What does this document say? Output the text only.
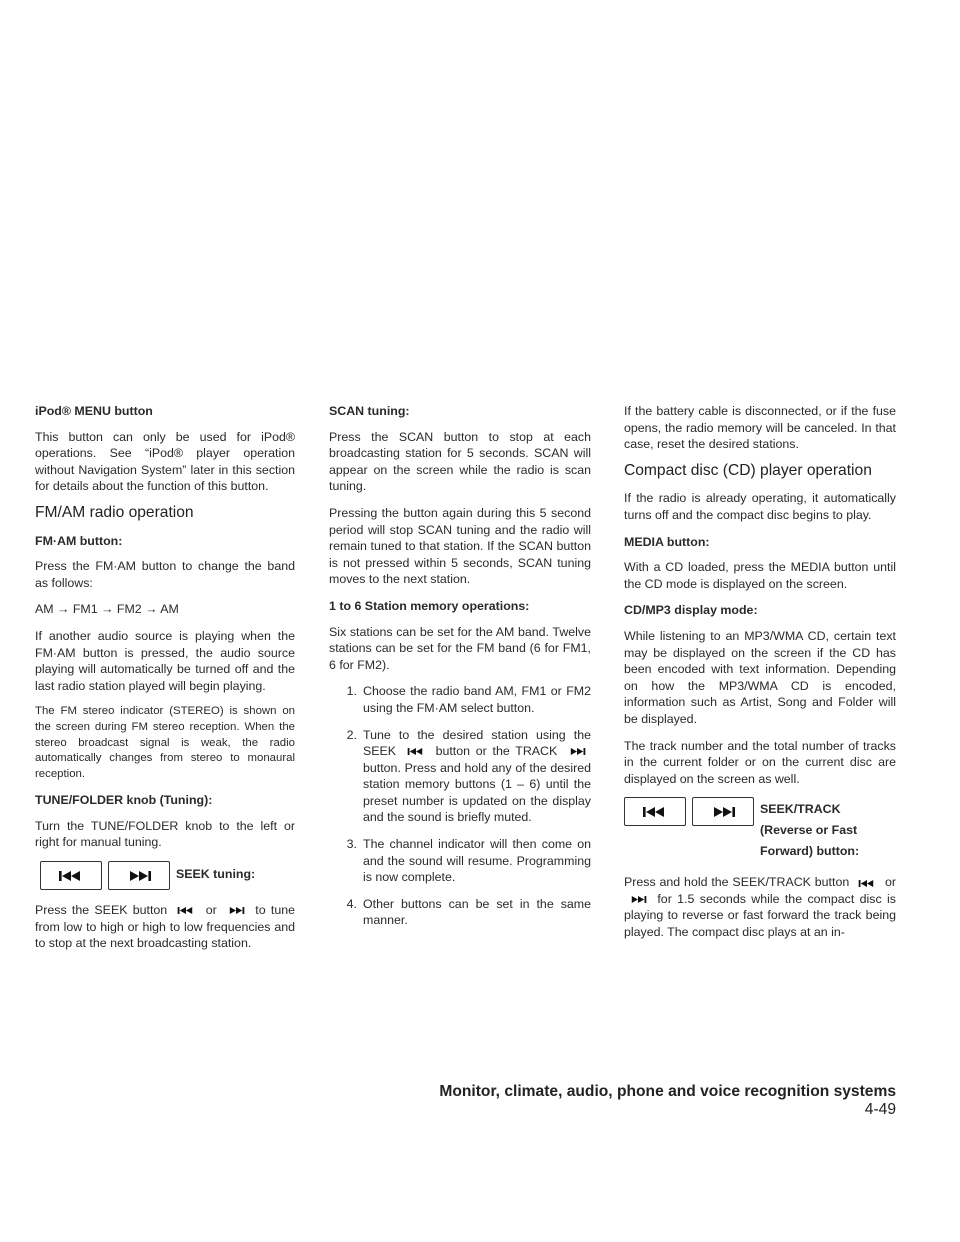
iPod® MENU button

This button can only be used for iPod® operations. See “iPod® player operation without Navigation System” later in this section for details about the function of this button.

FM/AM radio operation

FM·AM button:

Press the FM·AM button to change the band as follows:

AM → FM1 → FM2 → AM

If another audio source is playing when the FM·AM button is pressed, the audio source playing will automatically be turned off and the last radio station played will begin playing.

The FM stereo indicator (STEREO) is shown on the screen during FM stereo reception. When the stereo broadcast signal is weak, the radio automatically changes from stereo to monaural reception.

TUNE/FOLDER knob (Tuning):

Turn the TUNE/FOLDER knob to the left or right for manual tuning.

SEEK tuning:

Press the SEEK button	or	to tune from low to high or high to low frequencies and to stop at the next broadcasting station.

SCAN tuning:

Press the SCAN button to stop at each broadcasting station for 5 seconds. SCAN will appear on the screen while the radio is scan tuning.

Pressing the button again during this 5 second period will stop SCAN tuning and the radio will remain tuned to that station. If the SCAN button is not pressed within 5 seconds, SCAN tuning moves to the next station.

1 to 6 Station memory operations:

Six stations can be set for the AM band. Twelve stations can be set for the FM band (6 for FM1, 6 for FM2).

1. Choose the radio band AM, FM1 or FM2 using the FM·AM select button.
2. Tune to the desired station using the SEEK	button or the TRACK  button. Press and hold any of the desired station memory buttons (1 – 6) until the preset number is updated on the display and the sound is briefly muted.
3. The channel indicator will then come on and the sound will resume. Programming is now complete.
4. Other buttons can be set in the same manner.

If the battery cable is disconnected, or if the fuse opens, the radio memory will be canceled. In that case, reset the desired stations.

Compact disc (CD) player operation

If the radio is already operating, it automatically turns off and the compact disc begins to play.

MEDIA button:

With a CD loaded, press the MEDIA button until the CD mode is displayed on the screen.

CD/MP3 display mode:

While listening to an MP3/WMA CD, certain text may be displayed on the screen if the CD has been encoded with text information. Depending on how the MP3/WMA CD is encoded, information such as Artist, Song and Folder will be displayed.

The track number and the total number of tracks in the current folder or on the current disc are displayed on the screen as well.

SEEK/TRACK (Reverse or Fast Forward) button:

Press and hold the SEEK/TRACK button	or  for 1.5 seconds while the compact disc is playing to reverse or fast forward the track being played. The compact disc plays at an in-

Monitor, climate, audio, phone and voice recognition systems 4-49
